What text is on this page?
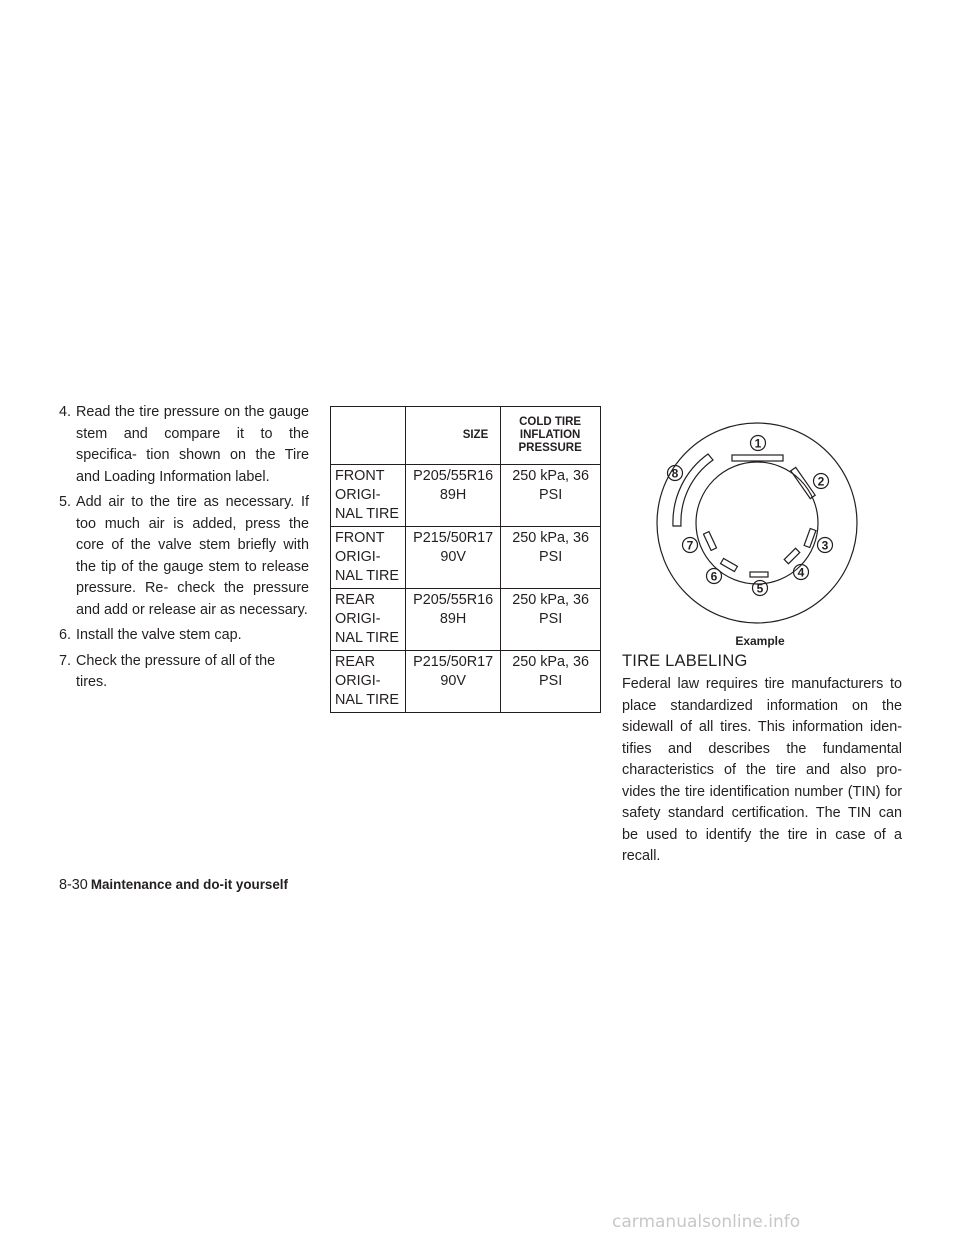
4. Read the tire pressure on the gauge stem and compare it to the specifica- tion shown on the Tire and Loading Information label.
5. Add air to the tire as necessary. If too much air is added, press the core of the valve stem briefly with the tip of the gauge stem to release pressure. Re- check the pressure and add or release air as necessary.
6. Install the valve stem cap.
7. Check the pressure of all of the tires.
	SIZE	COLD TIRE INFLATION PRESSURE
FRONT ORIGI- NAL TIRE	P205/55R16 89H	250 kPa, 36 PSI
FRONT ORIGI- NAL TIRE	P215/50R17 90V	250 kPa, 36 PSI
REAR ORIGI- NAL TIRE	P205/55R16 89H	250 kPa, 36 PSI
REAR ORIGI- NAL TIRE	P215/50R17 90V	250 kPa, 36 PSI
1
2
3
4
5
6
7
8
Example
TIRE LABELING

Federal law requires tire manufacturers to place standardized information on the sidewall of all tires. This information iden- tifies and describes the fundamental characteristics of the tire and also pro- vides the tire identification number (TIN) for safety standard certification. The TIN can be used to identify the tire in case of a recall.

8-30 Maintenance and do-it yourself
carmanualsonline.info
